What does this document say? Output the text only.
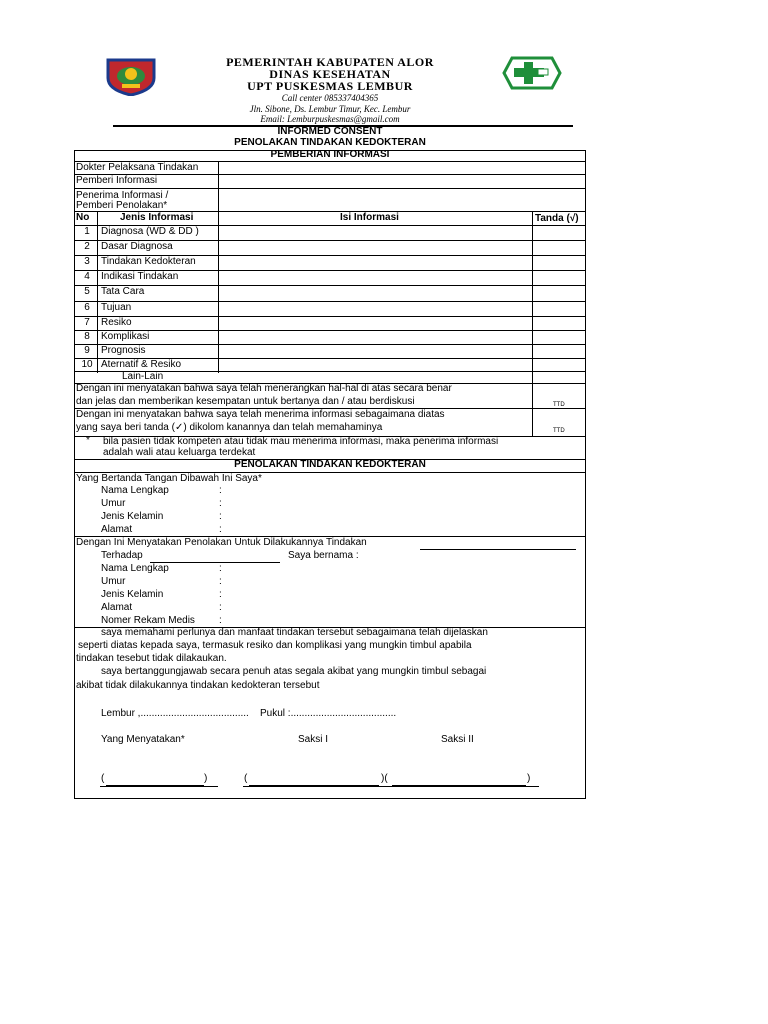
PEMERINTAH KABUPATEN ALOR
DINAS KESEHATAN
UPT PUSKESMAS LEMBUR
Call center 085337404365
Jln. Sibone, Ds. Lembur Timur, Kec. Lembur
Email: Lemburpuskesmas@gmail.com
INFORMED CONSENT
PENOLAKAN TINDAKAN KEDOKTERAN
PEMBERIAN INFORMASI
Dokter Pelaksana Tindakan
Pemberi Informasi
Penerima Informasi /
Pemberi Penolakan*
No	Jenis Informasi	Isi Informasi	Tanda (√)
1	Diagnosa (WD & DD )
2	Dasar Diagnosa
3	Tindakan Kedokteran
4	Indikasi Tindakan
5	Tata Cara
6	Tujuan
7	Resiko
8	Komplikasi
9	Prognosis
10 Aternatif & Resiko
Lain-Lain
Dengan ini menyatakan bahwa saya telah menerangkan hal-hal di atas secara benar
dan jelas dan memberikan kesempatan untuk bertanya dan / atau berdiskusi	TTD
Dengan ini menyatakan bahwa saya telah menerima informasi sebagaimana diatas
yang saya beri tanda (✓) dikolom kanannya dan telah memahaminya	TTD
* bila pasien tidak kompeten atau tidak mau menerima informasi, maka penerima informasi
adalah wali atau keluarga terdekat
PENOLAKAN TINDAKAN KEDOKTERAN
Yang Bertanda Tangan Dibawah Ini Saya*
Nama Lengkap	:
Umur	:
Jenis Kelamin	:
Alamat	:
Dengan Ini Menyatakan Penolakan Untuk Dilakukannya Tindakan
Terhadap	Saya bernama :
Nama Lengkap	:
Umur	:
Jenis Kelamin	:
Alamat	:
Nomer Rekam Medis :
saya memahami perlunya dan manfaat tindakan tersebut sebagaimana telah dijelaskan
seperti diatas kepada saya, termasuk resiko dan komplikasi yang mungkin timbul apabila
tindakan tesebut tidak dilakaukan.
saya bertanggungjawab secara penuh atas segala akibat yang mungkin timbul sebagai
akibat tidak dilakukannya tindakan kedokteran tersebut
Lembur ,....................................... Pukul :......................................
Yang Menyatakan*	Saksi I	Saksi II
(	)	(	)(	)
